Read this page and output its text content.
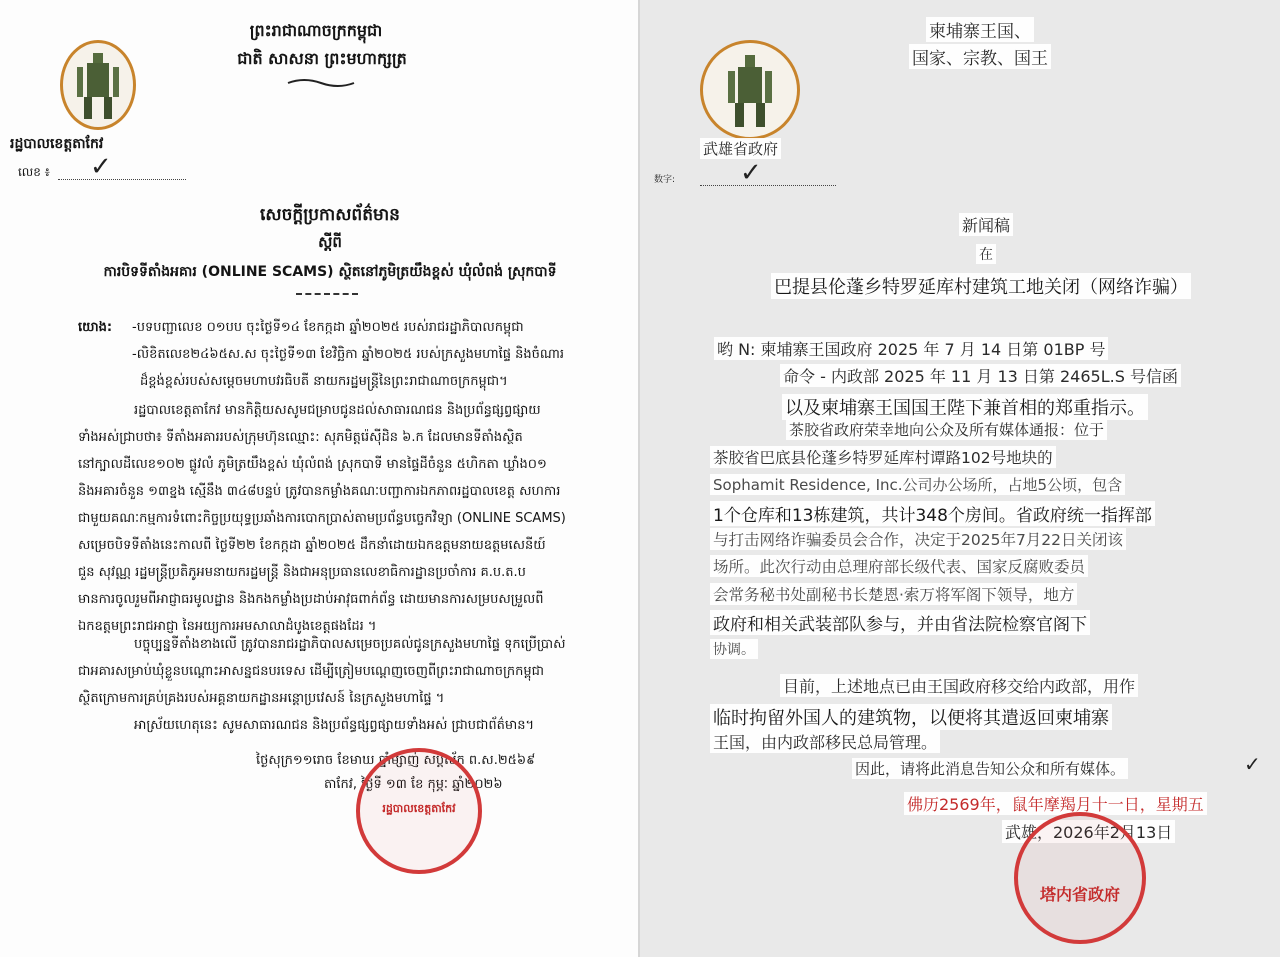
ព្រះរាជាណាចក្រកម្ពុជា
ជាតិ សាសនា ព្រះមហាក្សត្រ
រដ្ឋបាលខេត្តតាកែវ
លេខ ៖ ✓
សេចក្តីប្រកាសព័ត៌មាន
ស្តីពី
ការបិទទីតាំងអគារ (ONLINE SCAMS) ស្ថិតនៅភូមិត្រយឹងខ្ពស់ ឃុំលំពង់ ស្រុកបាទី
យោង: -បទបញ្ជាលេខ ០១បប ចុះថ្ងៃទី១៤ ខែកក្កដា ឆ្នាំ២០២៥ របស់រាជរដ្ឋាភិបាលកម្ពុជា
-លិខិតលេខ២៤៦៥ស.ស ចុះថ្ងៃទី១៣ ខែវិច្ឆិកា ឆ្នាំ២០២៥ របស់ក្រសួងមហាផ្ទៃ និងចំណារ
ដ៏ខ្ពង់ខ្ពស់របស់សម្តេចមហាបវរធិបតី នាយករដ្ឋមន្ត្រីនៃព្រះរាជាណាចក្រកម្ពុជា។
រដ្ឋបាលខេត្តតាកែវ មានកិត្តិយសសូមជម្រាបជូនដល់សាធារណជន និងប្រព័ន្ធផ្សព្វផ្សាយ
ទាំងអស់ជ្រាបថា៖ ទីតាំងអគាររបស់ក្រុមហ៊ុនឈ្មោះ: សុភមិត្តរ៉េស៊ីដិន ៦.ក ដែលមានទីតាំងស្ថិត
នៅក្បាលដីលេខ១០២ ផ្លូវលំ ភូមិត្រយឹងខ្ពស់ ឃុំលំពង់ ស្រុកបាទី មានផ្ទៃដីចំនួន ៥ហិកតា ឃ្លាំង០១
និងអគារចំនួន ១៣ខ្នង ស្មើនឹង ៣៤៨បន្ទប់ ត្រូវបានកម្លាំងគណៈបញ្ជាការឯកភាពរដ្ឋបាលខេត្ត សហការ
ជាមួយគណៈកម្មការទំពោះកិច្ចប្រយុទ្ធប្រឆាំងការបោកប្រាស់តាមប្រព័ន្ធបច្ចេកវិទ្យា (ONLINE SCAMS)
សម្រេចបិទទីតាំងនេះកាលពី ថ្ងៃទី២២ ខែកក្កដា ឆ្នាំ២០២៥ ដឹកនាំដោយឯកឧត្តមនាយឧត្តមសេនីយ៍
ជួន សុវណ្ណ រដ្ឋមន្ត្រីប្រតិភូអមនាយករដ្ឋមន្ត្រី និងជាអនុប្រធានលេខាធិការដ្ឋានប្រចាំការ គ.ប.ត.ប
មានការចូលរួមពីអាជ្ញាធរមូលដ្ឋាន និងកងកម្លាំងប្រដាប់អាវុធពាក់ព័ន្ធ ដោយមានការសម្របសម្រួលពី
ឯកឧត្តមព្រះរាជអាជ្ញា នៃអយ្យការអមសាលាដំបូងខេត្តផងដែរ ។
បច្ចុប្បន្នទីតាំងខាងលើ ត្រូវបានរាជរដ្ឋាភិបាលសម្រេចប្រគល់ជូនក្រសួងមហាផ្ទៃ ទុកប្រើប្រាស់
ជាអគារសម្រាប់ឃុំខ្លួនបណ្តោះអាសន្នជនបរទេស ដើម្បីត្រៀមបណ្តេញចេញពីព្រះរាជាណាចក្រកម្ពុជា
ស្ថិតក្រោមការគ្រប់គ្រងរបស់អគ្គនាយកដ្ឋានអន្តោប្រវេសន៍ នៃក្រសួងមហាផ្ទៃ ។
អាស្រ័យហេតុនេះ សូមសាធារណជន និងប្រព័ន្ធផ្សព្វផ្សាយទាំងអស់ ជ្រាបជាព័ត៌មាន។
ថ្ងៃសុក្រ១១រោច ខែមាឃ ឆ្នាំម្សាញ់ សប្តស័ក ព.ស.២៥៦៩
តាកែវ, ថ្ងៃទី ១៣ ខែ កុម្ភៈ ឆ្នាំ២០២៦
រដ្ឋបាលខេត្តតាកែវ
柬埔寨王国、
国家、宗教、国王
武雄省政府
数字: ✓
新闻稿
在
巴提县伦蓬乡特罗延库村建筑工地关闭（网络诈骗）
哟 N: 柬埔寨王国政府 2025 年 7 月 14 日第 01BP 号
命令 - 内政部 2025 年 11 月 13 日第 2465L.S 号信函
以及柬埔寨王国国王陛下兼首相的郑重指示。
茶胶省政府荣幸地向公众及所有媒体通报：位于
茶胶省巴底县伦蓬乡特罗延库村谭路102号地块的
Sophamit Residence, Inc.公司办公场所，占地5公顷，包含
1个仓库和13栋建筑，共计348个房间。省政府统一指挥部
与打击网络诈骗委员会合作，决定于2025年7月22日关闭该
场所。此次行动由总理府部长级代表、国家反腐败委员
会常务秘书处副秘书长楚恩·索万将军阁下领导，地方
政府和相关武装部队参与，并由省法院检察官阁下
协调。
目前，上述地点已由王国政府移交给内政部，用作
临时拘留外国人的建筑物，以便将其遣返回柬埔寨
王国，由内政部移民总局管理。
因此，请将此消息告知公众和所有媒体。	✓
佛历2569年，鼠年摩羯月十一日，星期五
武雄，2026年2月13日
塔内省政府
